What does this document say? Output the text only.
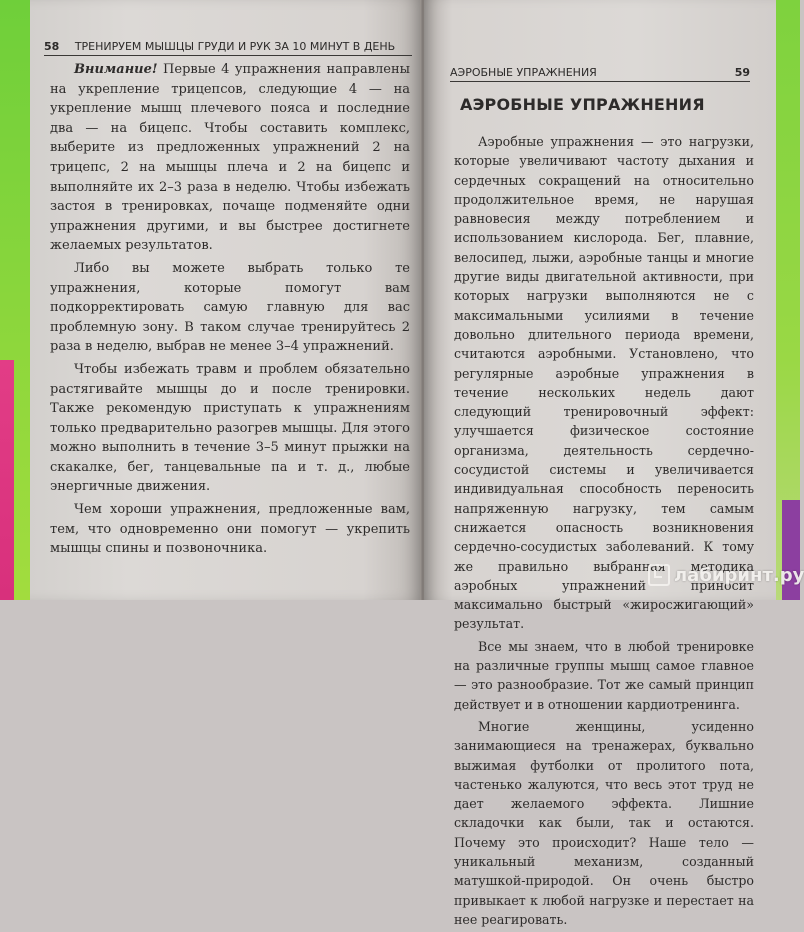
58 ТРЕНИРУЕМ МЫШЦЫ ГРУДИ И РУК ЗА 10 МИНУТ В ДЕНЬ

Внимание! Первые 4 упражнения направлены на укрепление трицепсов, следующие 4 — на укрепление мышц плечевого пояса и последние два — на бицепс. Чтобы составить комплекс, выберите из предложенных упражнений 2 на трицепс, 2 на мышцы плеча и 2 на бицепс и выполняйте их 2–3 раза в неделю. Чтобы избежать застоя в тренировках, почаще подменяйте одни упражнения другими, и вы быстрее достигнете желаемых результатов.

Либо вы можете выбрать только те упражнения, которые помогут вам подкорректировать самую главную для вас проблемную зону. В таком случае тренируйтесь 2 раза в неделю, выбрав не менее 3–4 упражнений.

Чтобы избежать травм и проблем обязательно растягивайте мышцы до и после тренировки. Также рекомендую приступать к упражнениям только предварительно разогрев мышцы. Для этого можно выполнить в течение 3–5 минут прыжки на скакалке, бег, танцевальные па и т. д., любые энергичные движения.

Чем хороши упражнения, предложенные вам, тем, что одновременно они помогут — укрепить мышцы спины и позвоночника.

АЭРОБНЫЕ УПРАЖНЕНИЯ	59
АЭРОБНЫЕ УПРАЖНЕНИЯ

Аэробные упражнения — это нагрузки, которые увеличивают частоту дыхания и сердечных сокращений на относительно продолжительное время, не нарушая равновесия между потреблением и использованием кислорода. Бег, плавние, велосипед, лыжи, аэробные танцы и многие другие виды двигательной активности, при которых нагрузки выполняются не с максимальными усилиями в течение довольно длительного периода времени, считаются аэробными. Установлено, что регулярные аэробные упражнения в течение нескольких недель дают следующий тренировочный эффект: улучшается физическое состояние организма, деятельность сердечно-сосудистой системы и увеличивается индивидуальная способность переносить напряженную нагрузку, тем самым снижается опасность возникновения сердечно-сосудистых заболеваний. К тому же правильно выбранная методика аэробных упражнений приносит максимально быстрый «жиросжигающий» результат.

Все мы знаем, что в любой тренировке на различные группы мышц самое главное — это разнообразие. Тот же самый принцип действует и в отношении кардиотренинга.

Многие женщины, усиденно занимающиеся на тренажерах, буквально выжимая футболки от пролитого пота, частенько жалуются, что весь этот труд не дает желаемого эффекта. Лишние складочки как были, так и остаются. Почему это происходит? Наше тело — уникальный механизм, созданный матушкой-природой. Он очень быстро привыкает к любой нагрузке и перестает на нее реагировать.

лабиринт.ру
